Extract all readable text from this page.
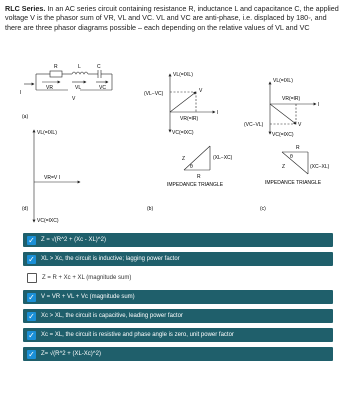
RLC Series. In an AC series circuit containing resistance R, inductance L and capacitance C, the applied voltage V is the phasor sum of VR, VL and VC. VL and VC are anti-phase, i.e. displaced by 180◦, and there are three phasor diagrams possible – each depending on the relative values of VL and VC
R	L	C
VR	VL	VC
V
I
(a)
VL(=IXL)
VR=V I
VC(=IXC)
(d)
VL(=IXL)
(VL−VC)	V
VR(=IR)
I
VC(=IXC)
Z	(XL−XC)
R
θ
IMPEDANCE TRIANGLE
(b)
VL(=IXL)
VR(=IR)
I
(VC−VL)	V
VC(=IXC)
R
Z	(XC−XL)
θ
IMPEDANCE TRIANGLE
(c)
✓ Z = √(R^2 + (Xc - XL)^2)
✓ XL > Xc, the circuit is inductive; lagging power factor
Z = R + Xc + XL (magnitude sum)
✓ V = VR + VL + Vc (magnitude sum)
✓ Xc > XL, the circuit is capacitive, leading power factor
✓ Xc = XL, the circuit is resistive and phase angle is zero, unit power factor
✓ Z= √(R^2 + (XL-Xc)^2)
